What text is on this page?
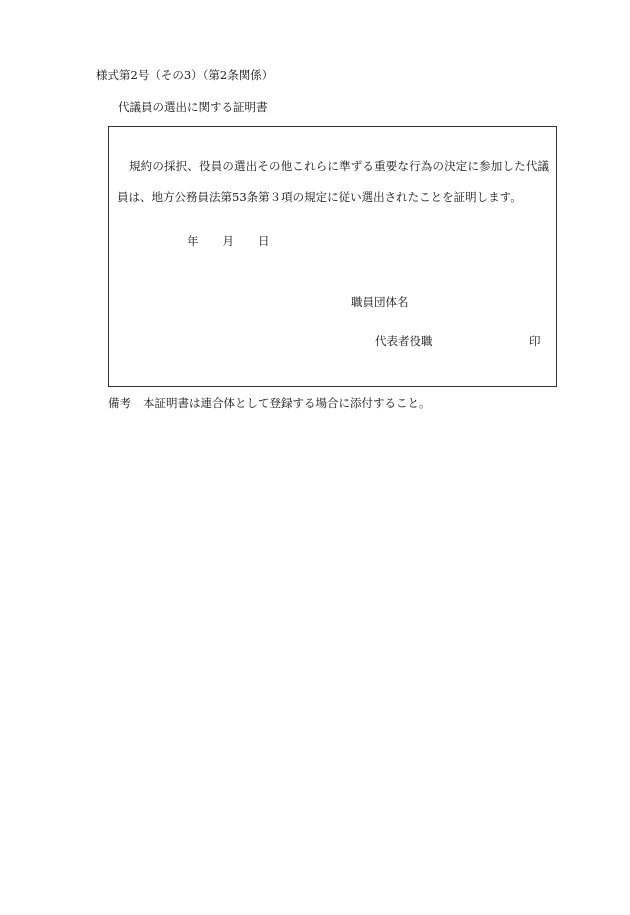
様式第2号（その3）（第2条関係）
代議員の選出に関する証明書
規約の採択、役員の選出その他これらに準ずる重要な行為の決定に参加した代議員は、地方公務員法第53条第３項の規定に従い選出されたことを証明します。
年 月 日
職員団体名
代表者役職	印
備考 本証明書は連合体として登録する場合に添付すること。
